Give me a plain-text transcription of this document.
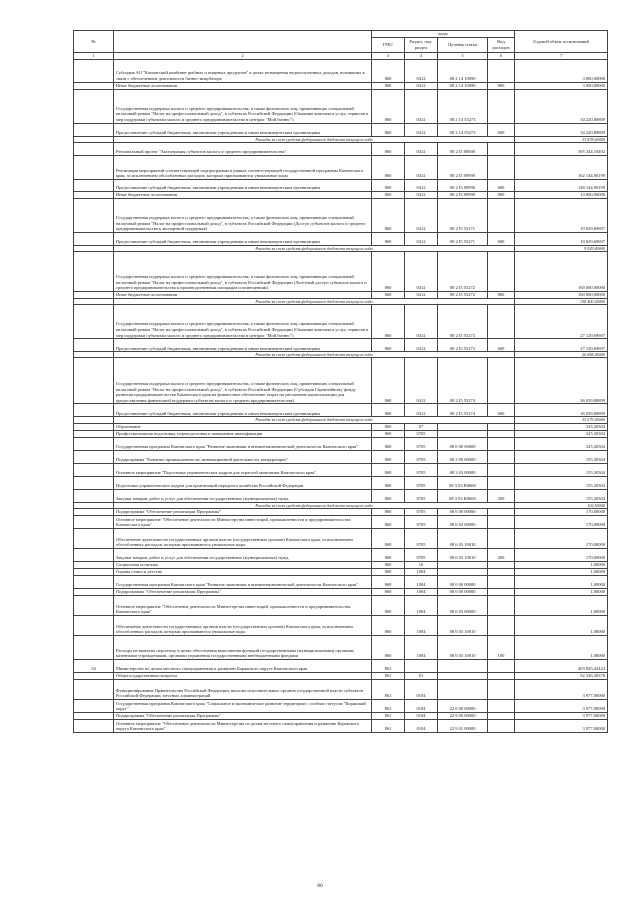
№		коды				Годовой объем ассигнований
		ГРБС	Раздел, под-раздел	Целевая статья	Вид расходов	
1	2	3	4	5	6	7
	Субсидия АО "Камчатский комбинат рыбных и пищевых продуктов" в целях возмещения недополученных доходов, возникших в связи с обеспечением деятельности бизнес-инкубатора	860	0412	08 2 14 10090		3 000,00000
	Иные бюджетные ассигнования	860	0412	08 2 14 10090	800	3 000,00000
	Государственная поддержка малого и среднего предпринимательства, а также физических лиц, применяющих специальный налоговый режим "Налог на профессиональный доход", в субъектах Российской Федерации (Оказание комплекса услуг, сервисов и мер поддержки субъектам малого и среднего предпринимательства в центрах "Мой бизнес")	860	0412	08 2 14 55273		34 220,80809
	Предоставление субсидий бюджетным, автономным учреждениям и иным некоммерческим организациям	860	0412	08 2 14 55273	600	34 220,80809
	Расходы за счет средств федерального бюджета текущего года					33 878,60000
	Региональный проект "Акселерация субъектов малого и среднего предпринимательства"	860	0412	08 2 I5 00000		395 344,10492
	Реализация мероприятий соответствующей подпрограммы в рамках соответствующей государственной программы Камчатского края, за исключением обособленных расходов, которым присваиваются уникальные коды	860	0412	08 2 I5 09990		162 144,90199
	Предоставление субсидий бюджетным, автономным учреждениям и иным некоммерческим организациям	860	0412	08 2 I5 09990	600	148 144,90199
	Иные бюджетные ассигнования	860	0412	08 2 I5 09990	800	14 000,00000
	Государственная поддержка малого и среднего предпринимательства, а также физических лиц, применяющих специальный налоговый режим "Налог на профессиональный доход", в субъектах Российской Федерации (Доступ субъектов малого и среднего предпринимательства к экспортной поддержке)	860	0412	08 2 I5 55271		10 029,69697
	Предоставление субсидий бюджетным, автономным учреждениям и иным некоммерческим организациям	860	0412	08 2 I5 55271	600	10 029,69697
	Расходы за счет средств федерального бюджета текущего года					9 929,40000
	Государственная поддержка малого и среднего предпринимательства, а также физических лиц, применяющих специальный налоговый режим "Налог на профессиональный доход", в субъектах Российской Федерации (Льготный доступ субъектов малого и среднего предпринимательства к производственным площадям и помещениям)	860	0412	08 2 I5 55272		160 000,00000
	Иные бюджетные ассигнования	860	0412	08 2 I5 55272	800	160 000,00000
	Расходы за счет средств федерального бюджета текущего года					158 400,00000
	Государственная поддержка малого и среднего предпринимательства, а также физических лиц, применяющих специальный налоговый режим "Налог на профессиональный доход", в субъектах Российской Федерации (Оказание комплекса услуг, сервисов и мер поддержки субъектам малого и среднего предпринимательства в центрах "Мой бизнес")	860	0412	08 2 I5 55273		27 129,69697
	Предоставление субсидий бюджетным, автономным учреждениям и иным некоммерческим организациям	860	0412	08 2 I5 55273	600	27 129,69697
	Расходы за счет средств федерального бюджета текущего года					26 858,40000
	Государственная поддержка малого и среднего предпринимательства, а также физических лиц, применяющих специальный налоговый режим "Налог на профессиональный доход", в субъектах Российской Федерации (Субсидия Гарантийному фонду развития предпринимательства Камчатского края на финансовое обеспечение затрат на увеличение капитализации для предоставления финансовой поддержки субъектам малого и среднего предпринимательства)	860	0412	08 2 I5 55274		36 039,80899
	Предоставление субсидий бюджетным, автономным учреждениям и иным некоммерческим организациям	860	0412	08 2 I5 55274	600	36 039,80899
	Расходы за счет средств федерального бюджета текущего года					35 679,40000
	Образование	860	07			325,30304
	Профессиональная подготовка, переподготовка и повышение квалификации	860	0705			325,30304
	Государственная программа Камчатского края "Развитие экономики и внешнеэкономической деятельности Камчатского края"	860	0705	08 0 00 00000		325,30304
	Подпрограмма "Развитие промышленности, инновационной деятельности, конкуренции"	860	0705	08 3 00 00000		155,30304
	Основное мероприятие "Подготовка управленческих кадров для отраслей экономики Камчатского края"	860	0705	08 3 03 00000		155,30304
	Подготовка управленческих кадров для организаций народного хозяйства Российской Федерации	860	0705	08 3 03 R0660		155,30304
	Закупка товаров, работ и услуг для обеспечения государственных (муниципальных) нужд	860	0705	08 3 03 R0660	200	155,30304
	Расходы за счет средств федерального бюджета текущего года					102,50000
	Подпрограмма "Обеспечение реализации Программы"	860	0705	08 6 00 00000		170,00000
	Основное мероприятие "Обеспечение деятельности Министерства инвестиций, промышленности и предпринимательства Камчатского края"	860	0705	08 6 03 00000		170,00000
	Обеспечение деятельности государственных органов власти (государственных органов) Камчатского края, за исключением обособленных расходов, которым присваиваются уникальные коды	860	0705	08 6 03 10010		170,00000
	Закупка товаров, работ и услуг для обеспечения государственных (муниципальных) нужд	860	0705	08 6 03 10010	200	170,00000
	Социальная политика	860	10			1,00000
	Охрана семьи и детства	860	1004			1,00000
	Государственная программа Камчатского края "Развитие экономики и внешнеэкономической деятельности Камчатского края"	860	1004	08 0 00 00000		1,00000
	Подпрограмма "Обеспечение реализации Программы"	860	1004	08 6 00 00000		1,00000
	Основное мероприятие "Обеспечение деятельности Министерства инвестиций, промышленности и предпринимательства Камчатского края"	860	1004	08 6 03 00000		1,00000
	Обеспечение деятельности государственных органов власти (государственных органов) Камчатского края, за исключением обособленных расходов, которым присваиваются уникальные коды	860	1004	08 6 03 10010		1,00000
	Расходы на выплаты персоналу в целях обеспечения выполнения функций государственными (муниципальными) органами, казенными учреждениями, органами управления государственными внебюджетными фондами	860	1004	08 6 03 10010	100	1,00000
34	Министерство по делам местного самоуправления и развитию Корякского округа Камчатского края	861				403 845,42424
	Общегосударственные вопросы	861	01			92 326,30378
	Функционирование Правительства Российской Федерации, высших исполнительных органов государственной власти субъектов Российской Федерации, местных администраций	861	0104			3 977,00000
	Государственная программа Камчатского края "Социальное и экономическое развитие территории с особым статусом "Корякский округ"	861	0104	22 0 00 00000		3 977,00000
	Подпрограмма "Обеспечение реализации Программы"	861	0104	22 9 00 00000		3 977,00000
	Основное мероприятие "Обеспечение деятельности Министерства по делам местного самоуправления и развитию Корякского округа Камчатского края"	861	0104	22 9 01 00000		3 977,00000
80
